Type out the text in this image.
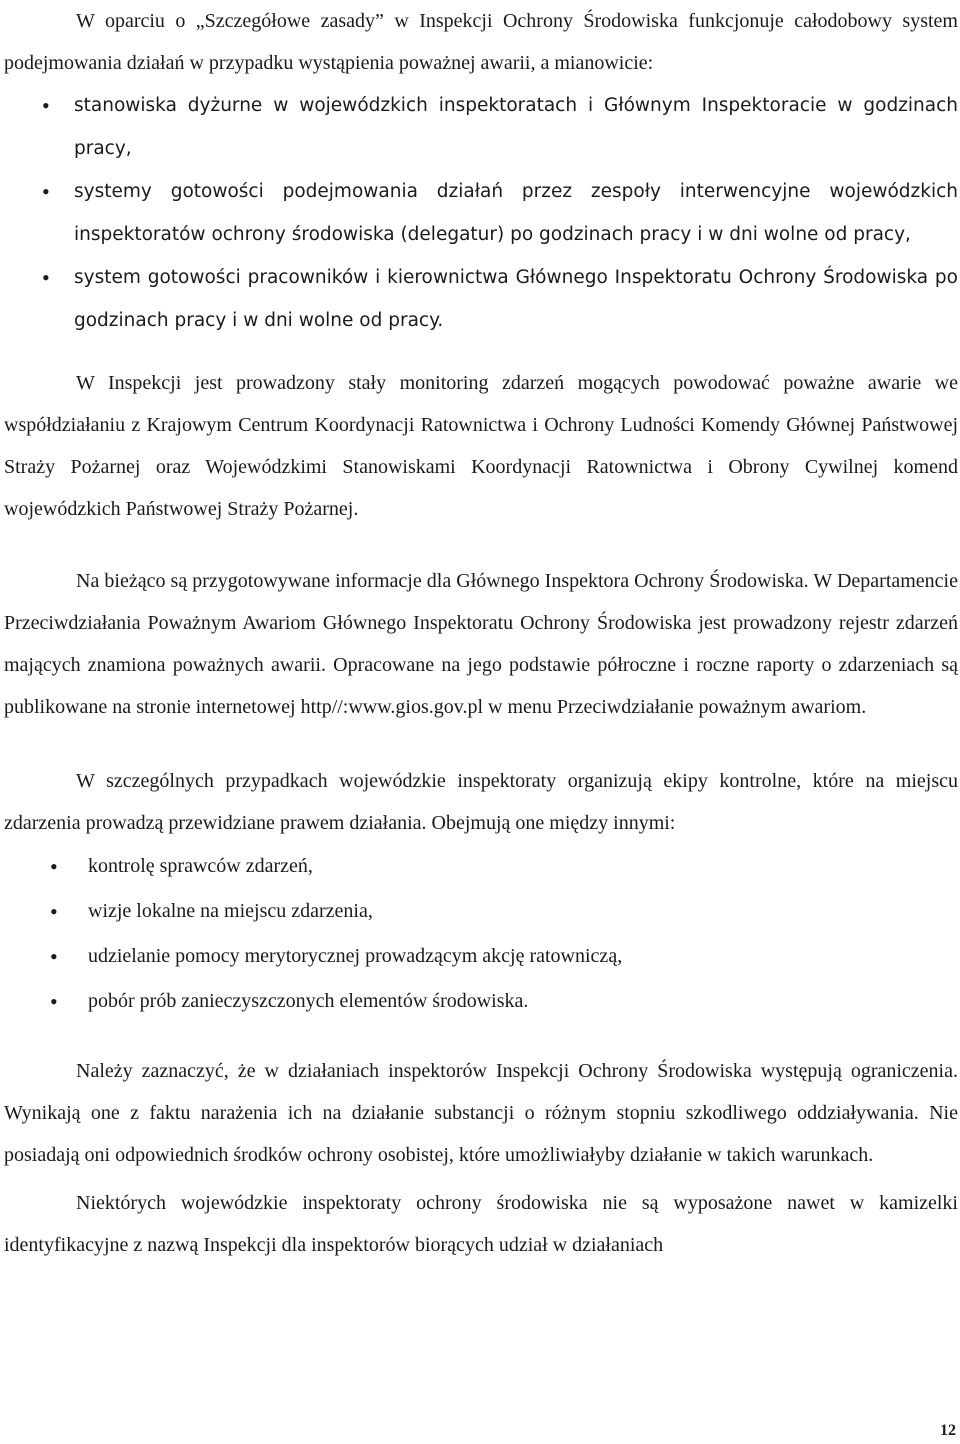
W oparciu o „Szczegółowe zasady” w Inspekcji Ochrony Środowiska funkcjonuje całodobowy system podejmowania działań w przypadku wystąpienia poważnej awarii, a mianowicie:

• stanowiska dyżurne w wojewódzkich inspektoratach i Głównym Inspektoracie w godzinach pracy,
• systemy gotowości podejmowania działań przez zespoły interwencyjne wojewódzkich inspektoratów ochrony środowiska (delegatur) po godzinach pracy i w dni wolne od pracy,
• system gotowości pracowników i kierownictwa Głównego Inspektoratu Ochrony Środowiska po godzinach pracy i w dni wolne od pracy.

W Inspekcji jest prowadzony stały monitoring zdarzeń mogących powodować poważne awarie we współdziałaniu z Krajowym Centrum Koordynacji Ratownictwa i Ochrony Ludności Komendy Głównej Państwowej Straży Pożarnej oraz Wojewódzkimi Stanowiskami Koordynacji Ratownictwa i Obrony Cywilnej komend wojewódzkich Państwowej Straży Pożarnej.

Na bieżąco są przygotowywane informacje dla Głównego Inspektora Ochrony Środowiska. W Departamencie Przeciwdziałania Poważnym Awariom Głównego Inspektoratu Ochrony Środowiska jest prowadzony rejestr zdarzeń mających znamiona poważnych awarii. Opracowane na jego podstawie półroczne i roczne raporty o zdarzeniach są publikowane na stronie internetowej http//:www.gios.gov.pl w menu Przeciwdziałanie poważnym awariom.

W szczególnych przypadkach wojewódzkie inspektoraty organizują ekipy kontrolne, które na miejscu zdarzenia prowadzą przewidziane prawem działania. Obejmują one między innymi:

• kontrolę sprawców zdarzeń,
• wizje lokalne na miejscu zdarzenia,
• udzielanie pomocy merytorycznej prowadzącym akcję ratowniczą,
• pobór prób zanieczyszczonych elementów środowiska.

Należy zaznaczyć, że w działaniach inspektorów Inspekcji Ochrony Środowiska występują ograniczenia. Wynikają one z faktu narażenia ich na działanie substancji o różnym stopniu szkodliwego oddziaływania. Nie posiadają oni odpowiednich środków ochrony osobistej, które umożliwiałyby działanie w takich warunkach.

Niektórych wojewódzkie inspektoraty ochrony środowiska nie są wyposażone nawet w kamizelki identyfikacyjne z nazwą Inspekcji dla inspektorów biorących udział w działaniach

12
